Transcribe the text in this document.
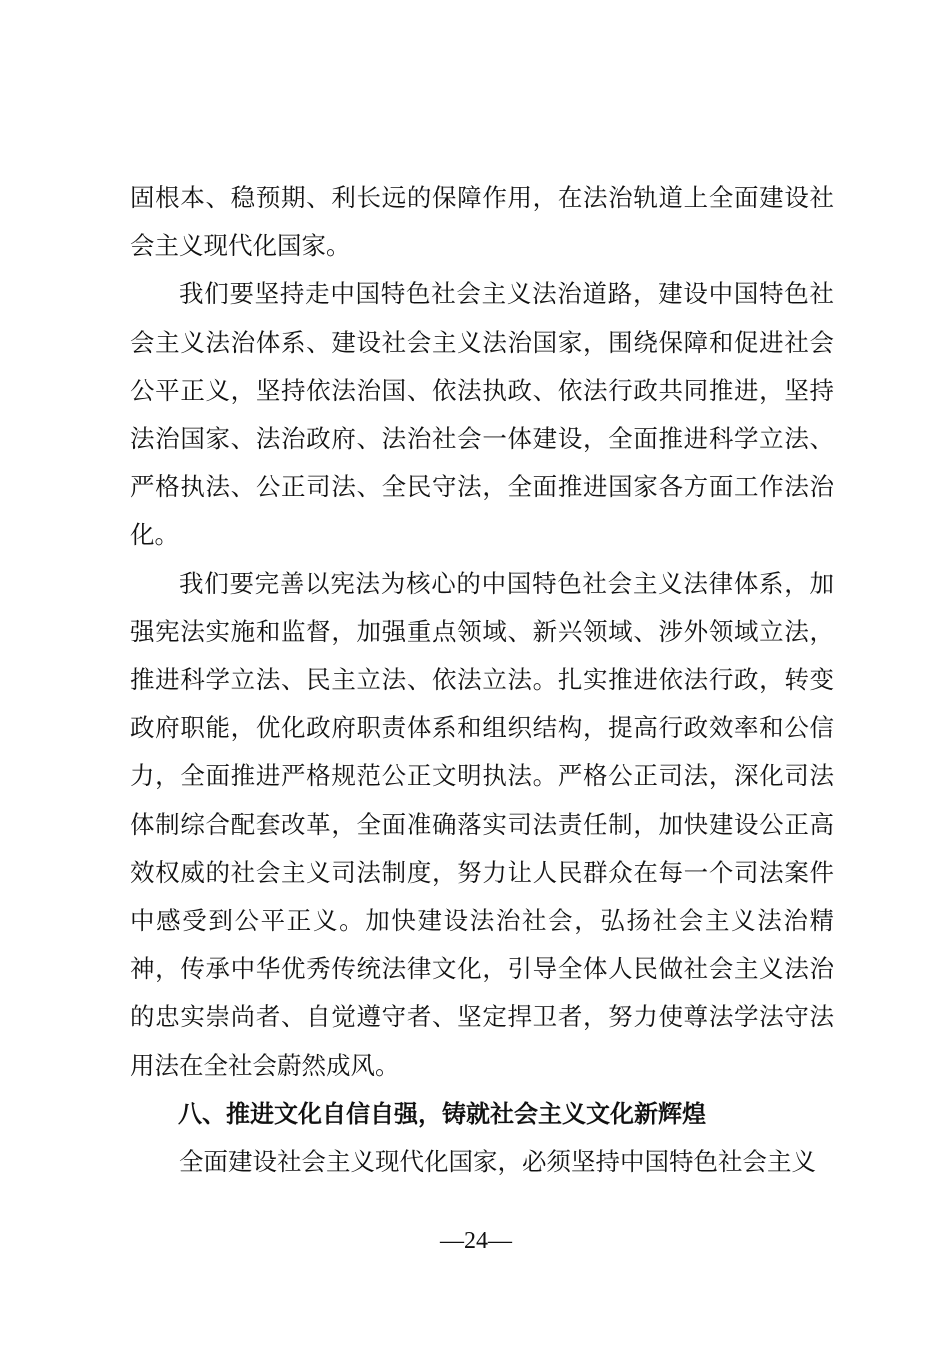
固根本、稳预期、利长远的保障作用，在法治轨道上全面建设社会主义现代化国家。

我们要坚持走中国特色社会主义法治道路，建设中国特色社会主义法治体系、建设社会主义法治国家，围绕保障和促进社会公平正义，坚持依法治国、依法执政、依法行政共同推进，坚持法治国家、法治政府、法治社会一体建设，全面推进科学立法、严格执法、公正司法、全民守法，全面推进国家各方面工作法治化。

我们要完善以宪法为核心的中国特色社会主义法律体系，加强宪法实施和监督，加强重点领域、新兴领域、涉外领域立法，推进科学立法、民主立法、依法立法。扎实推进依法行政，转变政府职能，优化政府职责体系和组织结构，提高行政效率和公信力，全面推进严格规范公正文明执法。严格公正司法，深化司法体制综合配套改革，全面准确落实司法责任制，加快建设公正高效权威的社会主义司法制度，努力让人民群众在每一个司法案件中感受到公平正义。加快建设法治社会，弘扬社会主义法治精神，传承中华优秀传统法律文化，引导全体人民做社会主义法治的忠实崇尚者、自觉遵守者、坚定捍卫者，努力使尊法学法守法用法在全社会蔚然成风。

八、推进文化自信自强，铸就社会主义文化新辉煌

全面建设社会主义现代化国家，必须坚持中国特色社会主义

—24—
